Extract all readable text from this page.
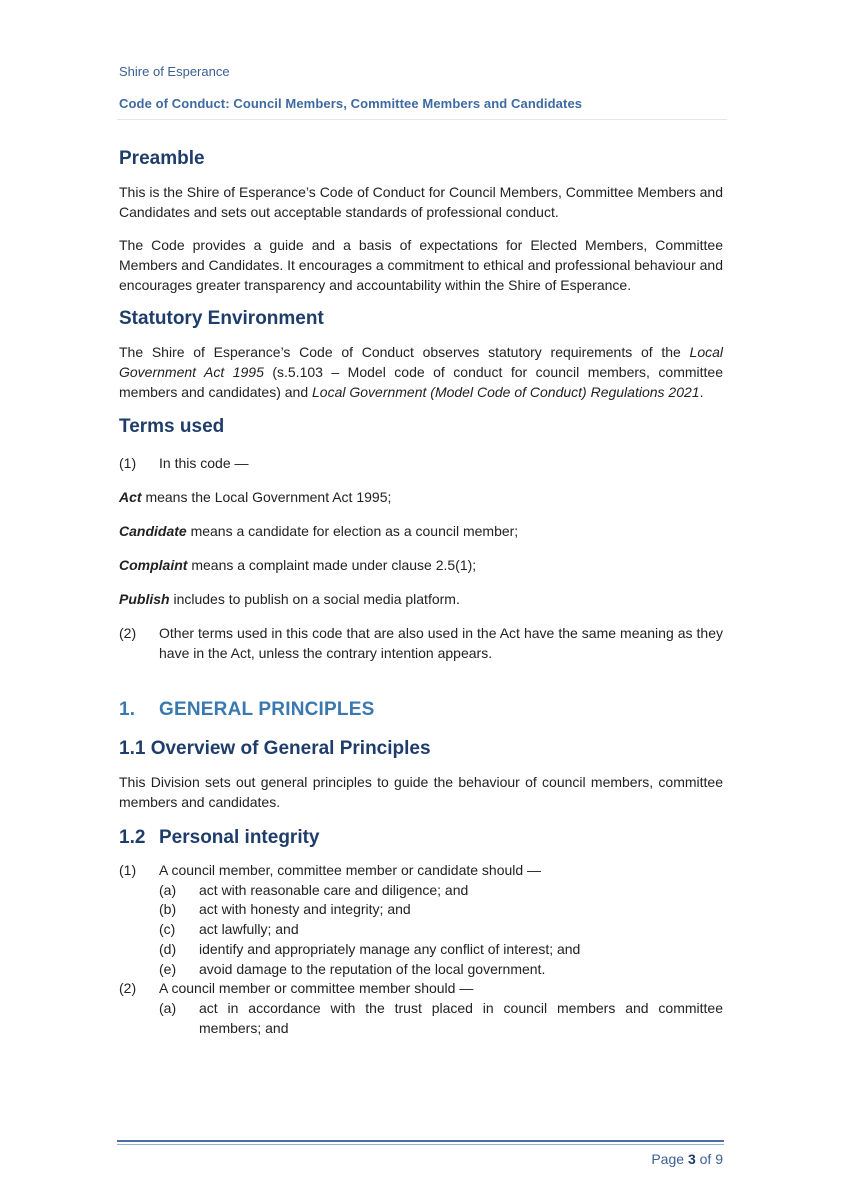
Shire of Esperance
Code of Conduct: Council Members, Committee Members and Candidates
Preamble

This is the Shire of Esperance’s Code of Conduct for Council Members, Committee Members and Candidates and sets out acceptable standards of professional conduct.

The Code provides a guide and a basis of expectations for Elected Members, Committee Members and Candidates. It encourages a commitment to ethical and professional behaviour and encourages greater transparency and accountability within the Shire of Esperance.

Statutory Environment

The Shire of Esperance’s Code of Conduct observes statutory requirements of the Local Government Act 1995 (s.5.103 – Model code of conduct for council members, committee members and candidates) and Local Government (Model Code of Conduct) Regulations 2021.

Terms used
(1)	In this code —
Act means the Local Government Act 1995;
Candidate means a candidate for election as a council member;
Complaint means a complaint made under clause 2.5(1);
Publish includes to publish on a social media platform.
(2)	Other terms used in this code that are also used in the Act have the same meaning as they have in the Act, unless the contrary intention appears.
1.	GENERAL PRINCIPLES
1.1 Overview of General Principles

This Division sets out general principles to guide the behaviour of council members, committee members and candidates.

1.2 Personal integrity
(1)	A council member, committee member or candidate should —
(a)	act with reasonable care and diligence; and
(b)	act with honesty and integrity; and
(c)	act lawfully; and
(d)	identify and appropriately manage any conflict of interest; and
(e)	avoid damage to the reputation of the local government.
(2)	A council member or committee member should —
(a)	act in accordance with the trust placed in council members and committee members; and
Page 3 of 9
